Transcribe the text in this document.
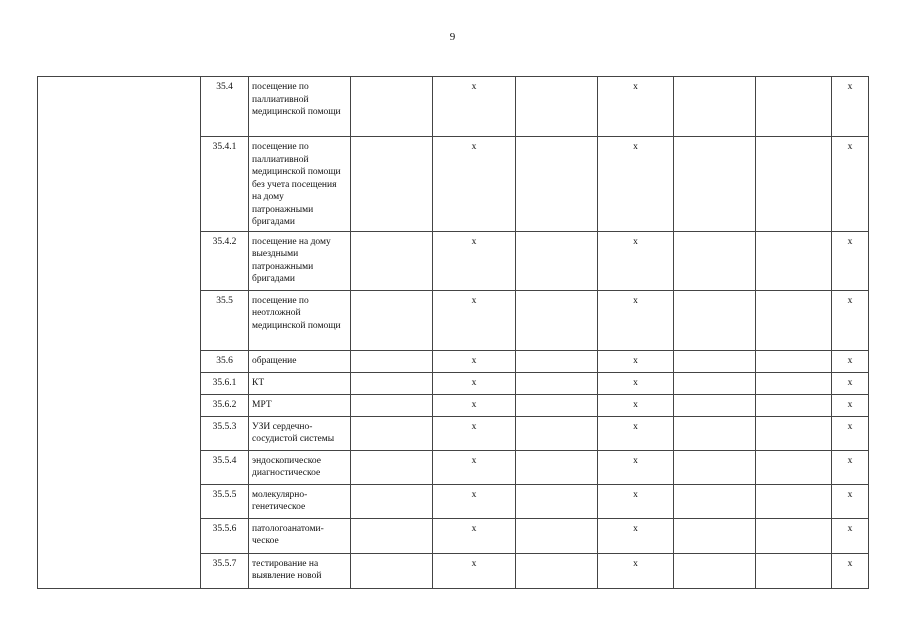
9
	35.4	посещение по паллиативной медицинской помощи		x		x			x
	35.4.1	посещение по паллиативной медицинской помощи без учета посещения на дому патронажными бригадами		x		x			x
	35.4.2	посещение на дому выездными патронажными бригадами		x		x			x
	35.5	посещение по неотложной медицинской помощи		x		x			x
	35.6	обращение		x		x			x
	35.6.1	КТ		x		x			x
	35.6.2	МРТ		x		x			x
	35.5.3	УЗИ сердечно-сосудистой системы		x		x			x
	35.5.4	эндоскопическое диагностическое		x		x			x
	35.5.5	молекулярно-генетическое		x		x			x
	35.5.6	патологоанатоми-ческое		x		x			x
	35.5.7	тестирование на выявление новой		x		x			x
